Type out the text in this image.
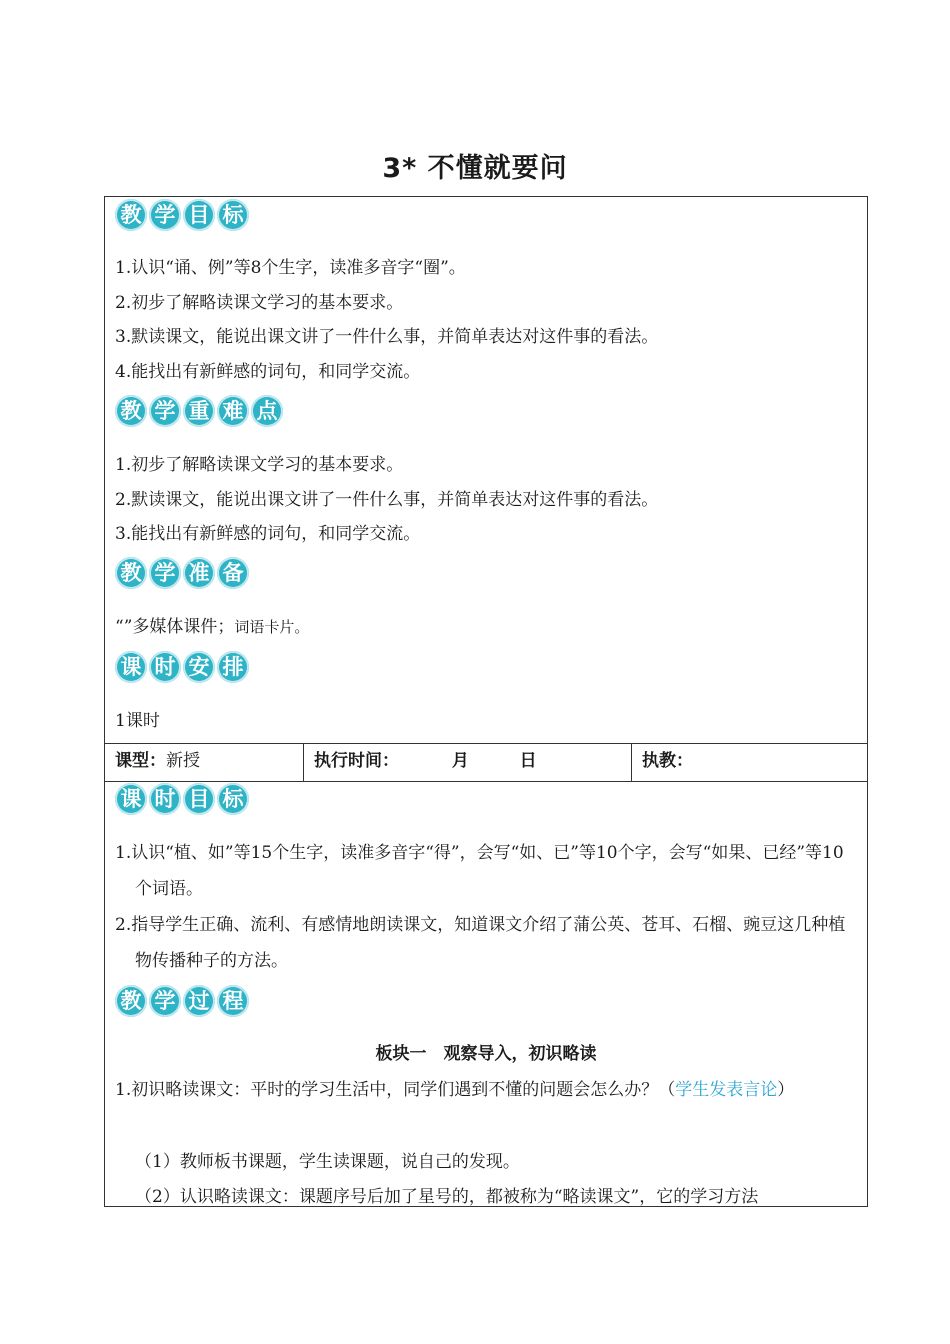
3* 不懂就要问
教 学 目 标
1.认识“诵、例”等8个生字，读准多音字“圈”。
2.初步了解略读课文学习的基本要求。
3.默读课文，能说出课文讲了一件什么事，并简单表达对这件事的看法。
4.能找出有新鲜感的词句，和同学交流。
教 学 重 难 点
1.初步了解略读课文学习的基本要求。
2.默读课文，能说出课文讲了一件什么事，并简单表达对这件事的看法。
3.能找出有新鲜感的词句，和同学交流。
教 学 准 备
“”多媒体课件；词语卡片。
课 时 安 排
1课时
课型：新授	执行时间：	月	日	执教：
课 时 目 标
1.认识“植、如”等15个生字，读准多音字“得”，会写“如、已”等10个字，会写“如果、已经”等10个词语。
2.指导学生正确、流利、有感情地朗读课文，知道课文介绍了蒲公英、苍耳、石榴、豌豆这几种植物传播种子的方法。
教 学 过 程
板块一　观察导入，初识略读
1.初识略读课文：平时的学习生活中，同学们遇到不懂的问题会怎么办？（学生发表言论）
（1）教师板书课题，学生读课题，说自己的发现。
（2）认识略读课文：课题序号后加了星号的，都被称为“略读课文”，它的学习方法
